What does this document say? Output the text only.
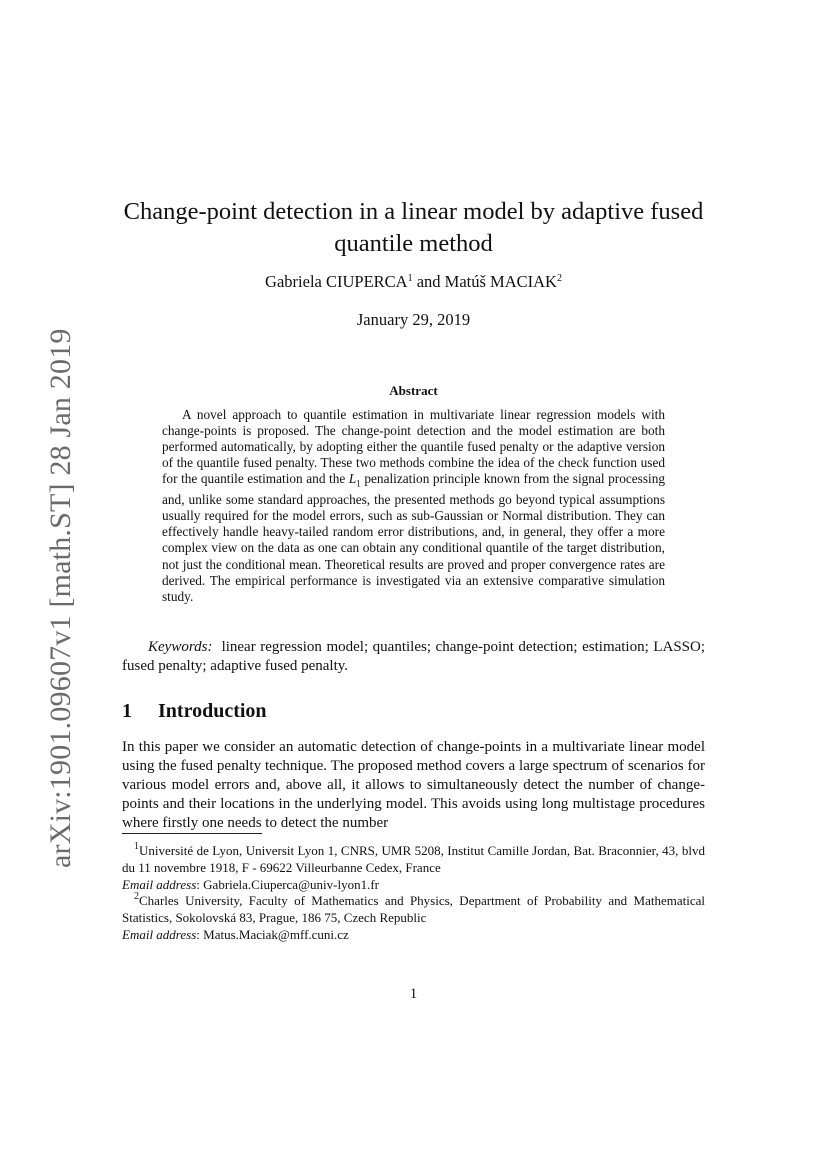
arXiv:1901.09607v1 [math.ST] 28 Jan 2019
Change-point detection in a linear model by adaptive fused quantile method
Gabriela CIUPERCA$^1$ and Matúš MACIAK$^2$
January 29, 2019
Abstract
A novel approach to quantile estimation in multivariate linear regression models with change-points is proposed. The change-point detection and the model estimation are both performed automatically, by adopting either the quantile fused penalty or the adaptive version of the quantile fused penalty. These two methods combine the idea of the check function used for the quantile estimation and the $L_1$ penalization principle known from the signal processing and, unlike some standard approaches, the presented methods go beyond typical assumptions usually required for the model errors, such as sub-Gaussian or Normal distribution. They can effectively handle heavy-tailed random error distributions, and, in general, they offer a more complex view on the data as one can obtain any conditional quantile of the target distribution, not just the conditional mean. Theoretical results are proved and proper convergence rates are derived. The empirical performance is investigated via an extensive comparative simulation study.
Keywords: linear regression model; quantiles; change-point detection; estimation; LASSO; fused penalty; adaptive fused penalty.
1 Introduction
In this paper we consider an automatic detection of change-points in a multivariate linear model using the fused penalty technique. The proposed method covers a large spectrum of scenarios for various model errors and, above all, it allows to simultaneously detect the number of change-points and their locations in the underlying model. This avoids using long multistage procedures where firstly one needs to detect the number
$^1$Université de Lyon, Universit Lyon 1, CNRS, UMR 5208, Institut Camille Jordan, Bat. Braconnier, 43, blvd du 11 novembre 1918, F - 69622 Villeurbanne Cedex, France
Email address: Gabriela.Ciuperca@univ-lyon1.fr
$^2$Charles University, Faculty of Mathematics and Physics, Department of Probability and Mathematical Statistics, Sokolovská 83, Prague, 186 75, Czech Republic
Email address: Matus.Maciak@mff.cuni.cz
1
